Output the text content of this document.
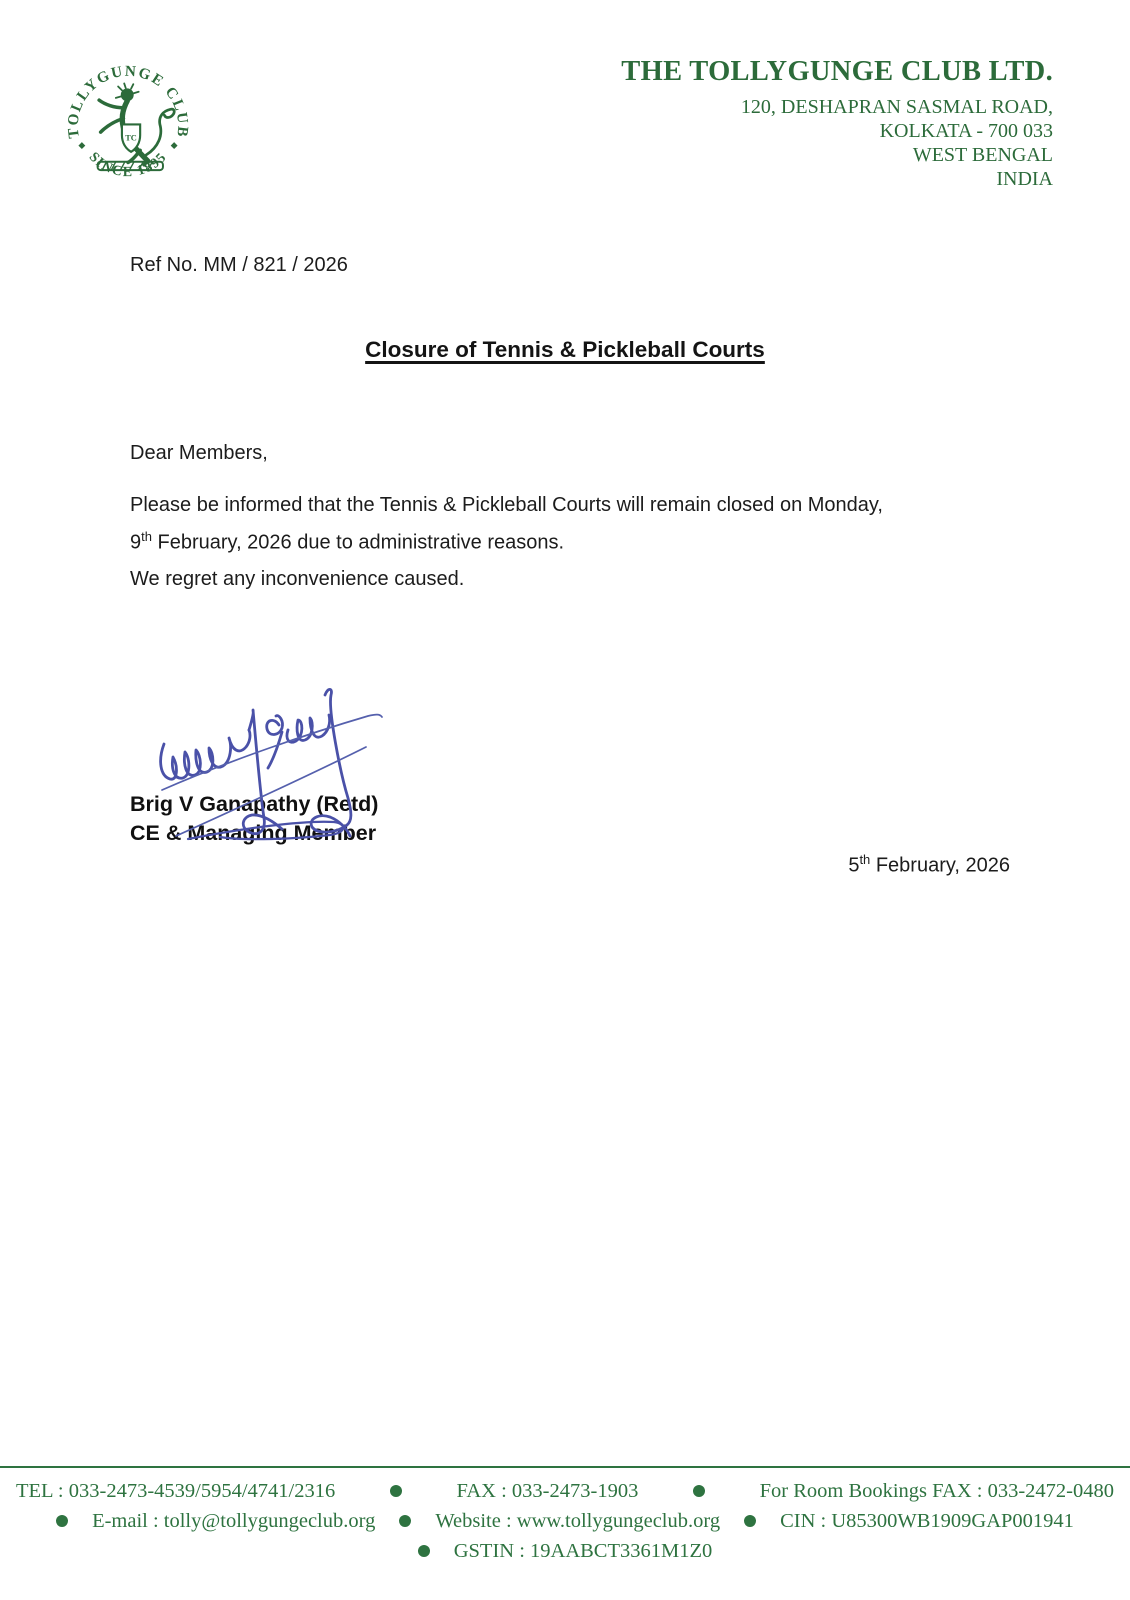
TOLLYGUNGE CLUB
SINCE 1895
TC
THE TOLLYGUNGE CLUB LTD.
120, DESHAPRAN SASMAL ROAD,
KOLKATA - 700 033
WEST BENGAL
INDIA
Ref No. MM / 821 / 2026
Closure of Tennis & Pickleball Courts
Dear Members,
Please be informed that the Tennis & Pickleball Courts will remain closed on Monday,
9th February, 2026 due to administrative reasons.
We regret any inconvenience caused.
Brig V Ganapathy (Retd)
CE & Managing Member
5th February, 2026
TEL : 033-2473-4539/5954/4741/2316	FAX : 033-2473-1903	For Room Bookings FAX : 033-2472-0480
E-mail : tolly@tollygungeclub.org	Website : www.tollygungeclub.org	CIN : U85300WB1909GAP001941
GSTIN : 19AABCT3361M1Z0
